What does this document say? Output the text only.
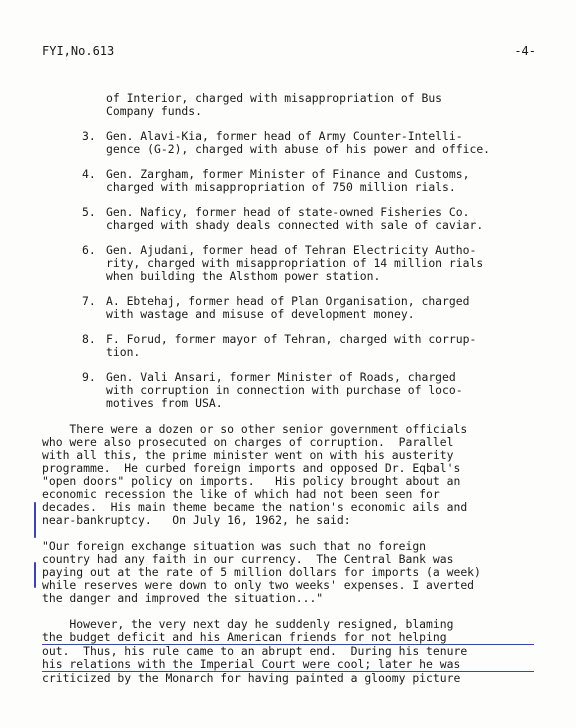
FYI,No.613	-4-
of Interior, charged with misappropriation of Bus
Company funds.
3. Gen. Alavi-Kia, former head of Army Counter-Intelli-
gence (G-2), charged with abuse of his power and office.
4. Gen. Zargham, former Minister of Finance and Customs,
charged with misappropriation of 750 million rials.
5. Gen. Naficy, former head of state-owned Fisheries Co.
charged with shady deals connected with sale of caviar.
6. Gen. Ajudani, former head of Tehran Electricity Autho-
rity, charged with misappropriation of 14 million rials
when building the Alsthom power station.
7. A. Ebtehaj, former head of Plan Organisation, charged
with wastage and misuse of development money.
8. F. Forud, former mayor of Tehran, charged with corrup-
tion.
9. Gen. Vali Ansari, former Minister of Roads, charged
with corruption in connection with purchase of loco-
motives from USA.
There were a dozen or so other senior government officials
who were also prosecuted on charges of corruption.  Parallel
with all this, the prime minister went on with his austerity
programme.  He curbed foreign imports and opposed Dr. Eqbal's
"open doors" policy on imports.   His policy brought about an
economic recession the like of which had not been seen for
decades.  His main theme became the nation's economic ails and
near-bankruptcy.   On July 16, 1962, he said:
"Our foreign exchange situation was such that no foreign
country had any faith in our currency.  The Central Bank was
paying out at the rate of 5 million dollars for imports (a week)
while reserves were down to only two weeks' expenses. I averted
the danger and improved the situation..."
However, the very next day he suddenly resigned, blaming
the budget deficit and his American friends for not helping
out.  Thus, his rule came to an abrupt end.  During his tenure
his relations with the Imperial Court were cool; later he was
criticized by the Monarch for having painted a gloomy picture
